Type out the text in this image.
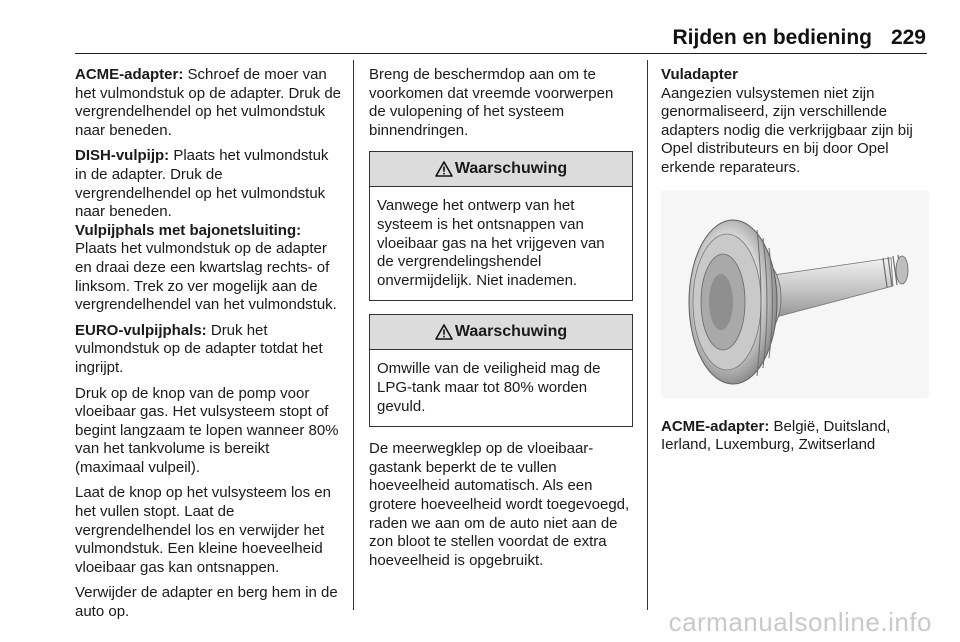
Rijden en bediening 229

ACME-adapter: Schroef de moer van het vulmondstuk op de adapter. Druk de vergrendelhendel op het vulmondstuk naar beneden.

DISH-vulpijp: Plaats het vulmondstuk in de adapter. Druk de vergrendelhendel op het vulmondstuk naar beneden.

Vulpijphals met bajonetsluiting:
Plaats het vulmondstuk op de adapter en draai deze een kwartslag rechts- of linksom. Trek zo ver mogelijk aan de vergrendelhendel van het vulmondstuk.

EURO-vulpijphals: Druk het vulmondstuk op de adapter totdat het ingrijpt.

Druk op de knop van de pomp voor vloeibaar gas. Het vulsysteem stopt of begint langzaam te lopen wanneer 80% van het tankvolume is bereikt (maximaal vulpeil).

Laat de knop op het vulsysteem los en het vullen stopt. Laat de vergrendelhendel los en verwijder het vulmondstuk. Een kleine hoeveelheid vloeibaar gas kan ontsnappen.

Verwijder de adapter en berg hem in de auto op.

Breng de beschermdop aan om te voorkomen dat vreemde voorwerpen de vulopening of het systeem binnendringen.

Waarschuwing
Vanwege het ontwerp van het systeem is het ontsnappen van vloeibaar gas na het vrijgeven van de vergrendelingshendel onvermijdelijk. Niet inademen.
Waarschuwing
Omwille van de veiligheid mag de LPG-tank maar tot 80% worden gevuld.

De meerwegklep op de vloeibaar-gastank beperkt de te vullen hoeveelheid automatisch. Als een grotere hoeveelheid wordt toegevoegd, raden we aan om de auto niet aan de zon bloot te stellen voordat de extra hoeveelheid is opgebruikt.

Vuladapter

Aangezien vulsystemen niet zijn genormaliseerd, zijn verschillende adapters nodig die verkrijgbaar zijn bij Opel distributeurs en bij door Opel erkende reparateurs.

ACME-adapter: België, Duitsland, Ierland, Luxemburg, Zwitserland

carmanualsonline.info
